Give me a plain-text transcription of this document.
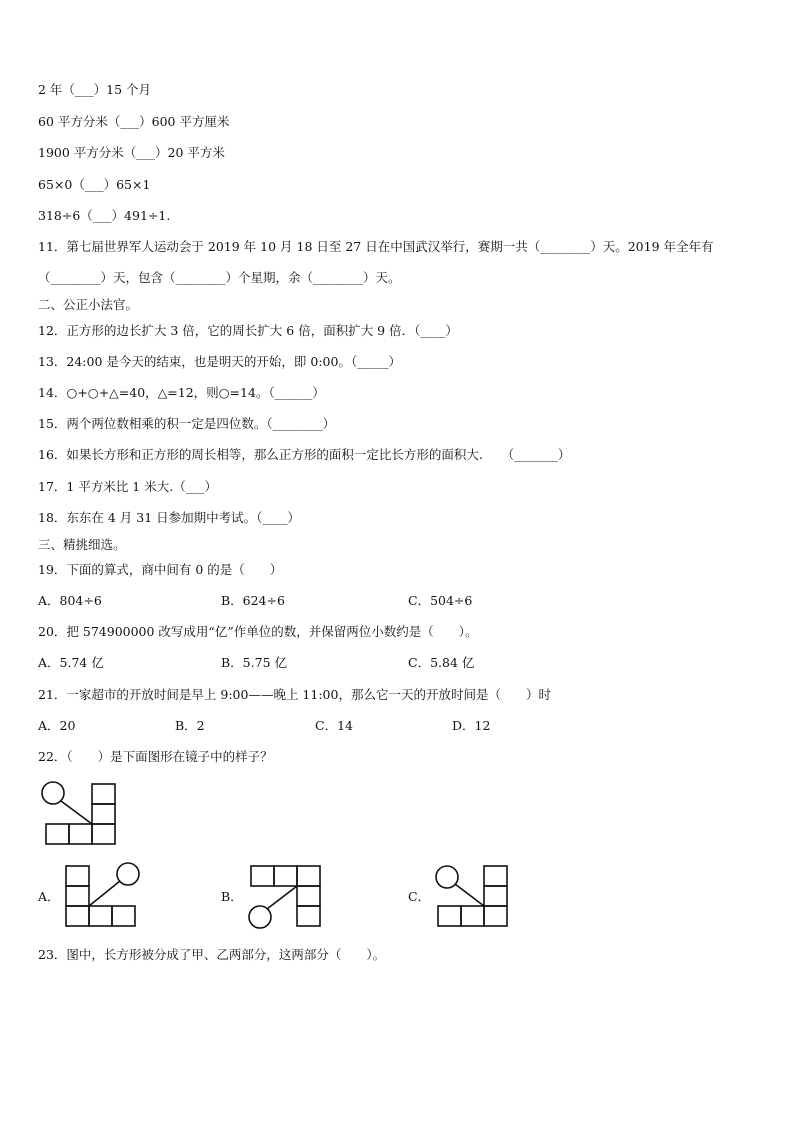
2 年（___）15 个月
60 平方分米（___）600 平方厘米
1900 平方分米（___）20 平方米
65×0（___）65×1
318÷6（___）491÷1.
11．第七届世界军人运动会于 2019 年 10 月 18 日至 27 日在中国武汉举行，赛期一共（________）天。2019 年全年有
（________）天，包含（________）个星期，余（________）天。
二、公正小法官。
12．正方形的边长扩大 3 倍，它的周长扩大 6 倍，面积扩大 9 倍．（____）
13．24:00 是今天的结束，也是明天的开始，即 0:00。（_____）
14．○+○+△=40，△=12，则○=14。（______）
15．两个两位数相乘的积一定是四位数。（________）
16．如果长方形和正方形的周长相等，那么正方形的面积一定比长方形的面积大.　　（_______）
17．1 平方米比 1 米大.（___）
18．东东在 4 月 31 日参加期中考试。（____）
三、精挑细选。
19．下面的算式，商中间有 0 的是（　　）
A．804÷6	B．624÷6	C．504÷6
20．把 574900000 改写成用“亿”作单位的数，并保留两位小数约是（　　）。
A．5.74 亿	B．5.75 亿	C．5.84 亿
21．一家超市的开放时间是早上 9:00——晚上 11:00，那么它一天的开放时间是（　　）时
A．20	B．2	C．14	D．12
22．（　　）是下面图形在镜子中的样子？
A．	B．	C．
23．图中，长方形被分成了甲、乙两部分，这两部分（　　）。
